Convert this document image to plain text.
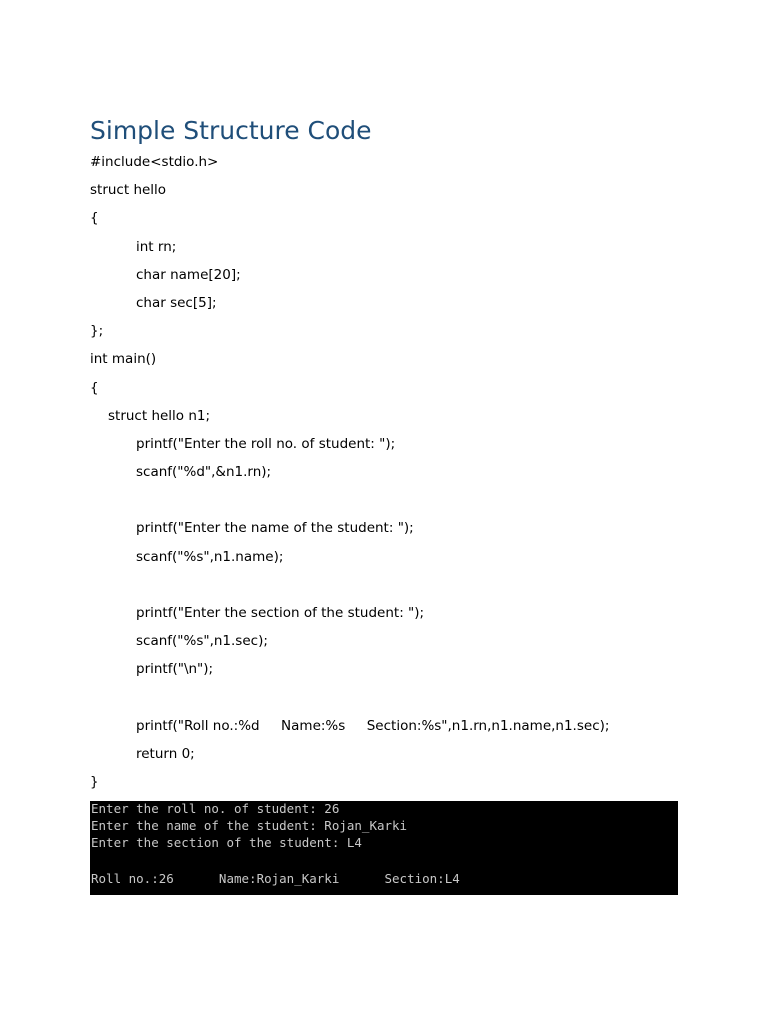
Simple Structure Code
#include<stdio.h>
struct hello
{
int rn;
char name[20];
char sec[5];
};
int main()
{
struct hello n1;
printf("Enter the roll no. of student: ");
scanf("%d",&n1.rn);
printf("Enter the name of the student: ");
scanf("%s",n1.name);
printf("Enter the section of the student: ");
scanf("%s",n1.sec);
printf("\n");
printf("Roll no.:%d     Name:%s     Section:%s",n1.rn,n1.name,n1.sec);
return 0;
}
Enter the roll no. of student: 26
Enter the name of the student: Rojan_Karki
Enter the section of the student: L4
Roll no.:26      Name:Rojan_Karki      Section:L4
